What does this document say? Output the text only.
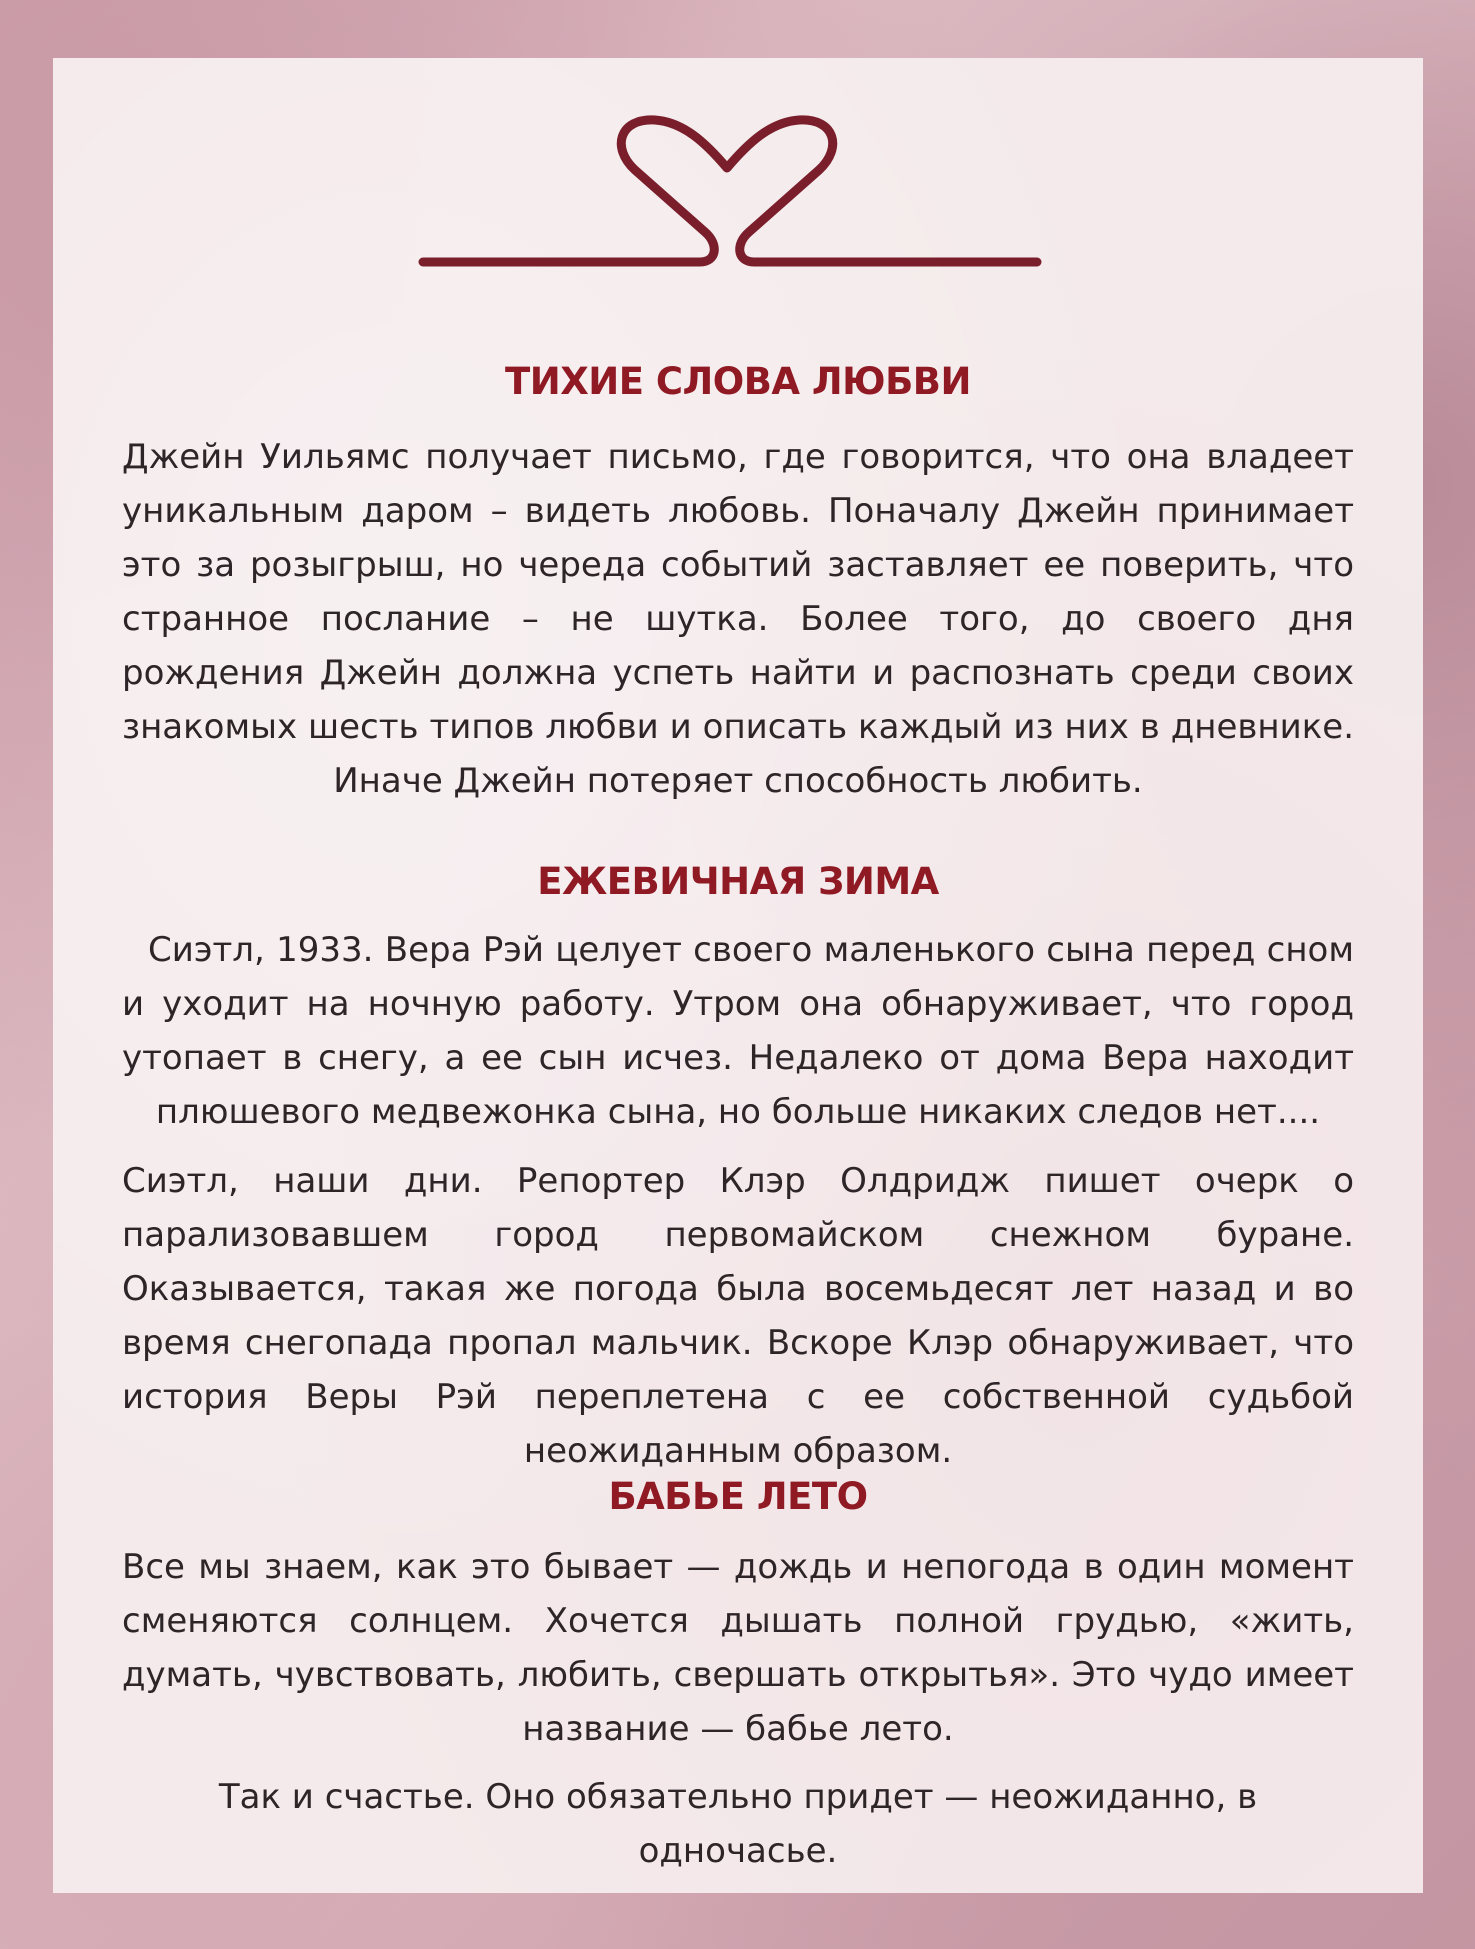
ТИХИЕ СЛОВА ЛЮБВИ

Джейн Уильямс получает письмо, где говорится, что она владеет уникальным даром – видеть любовь. Поначалу Джейн принимает это за розыгрыш, но череда событий заставляет ее поверить, что странное послание – не шутка. Более того, до своего дня рождения Джейн должна успеть найти и распознать среди своих знакомых шесть типов любви и описать каждый из них в дневнике. Иначе Джейн потеряет способность любить.

ЕЖЕВИЧНАЯ ЗИМА

Сиэтл, 1933. Вера Рэй целует своего маленького сына перед сном и уходит на ночную работу. Утром она обнаруживает, что город утопает в снегу, а ее сын исчез. Недалеко от дома Вера находит плюшевого медвежонка сына, но больше никаких следов нет....

Сиэтл, наши дни. Репортер Клэр Олдридж пишет очерк о парализовавшем город первомайском снежном буране. Оказывается, такая же погода была восемьдесят лет назад и во время снегопада пропал мальчик. Вскоре Клэр обнаруживает, что история Веры Рэй переплетена с ее собственной судьбой неожиданным образом.

БАБЬЕ ЛЕТО

Все мы знаем, как это бывает — дождь и непогода в один момент сменяются солнцем. Хочется дышать полной грудью, «жить, думать, чувствовать, любить, свершать открытья». Это чудо имеет название — бабье лето.

Так и счастье. Оно обязательно придет — неожиданно, в одночасье.
